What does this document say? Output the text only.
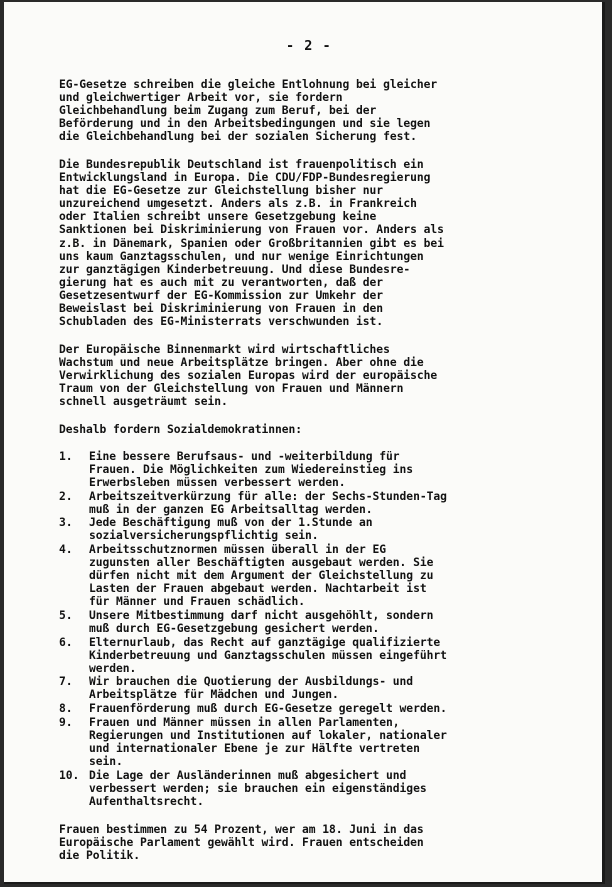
- 2 -
EG-Gesetze schreiben die gleiche Entlohnung bei gleicher
und gleichwertiger Arbeit vor, sie fordern
Gleichbehandlung beim Zugang zum Beruf, bei der
Beförderung und in den Arbeitsbedingungen und sie legen
die Gleichbehandlung bei der sozialen Sicherung fest.
Die Bundesrepublik Deutschland ist frauenpolitisch ein
Entwicklungsland in Europa. Die CDU/FDP-Bundesregierung
hat die EG-Gesetze zur Gleichstellung bisher nur
unzureichend umgesetzt. Anders als z.B. in Frankreich
oder Italien schreibt unsere Gesetzgebung keine
Sanktionen bei Diskriminierung von Frauen vor. Anders als
z.B. in Dänemark, Spanien oder Großbritannien gibt es bei
uns kaum Ganztagsschulen, und nur wenige Einrichtungen
zur ganztägigen Kinderbetreuung. Und diese Bundesre-
gierung hat es auch mit zu verantworten, daß der
Gesetzesentwurf der EG-Kommission zur Umkehr der
Beweislast bei Diskriminierung von Frauen in den
Schubladen des EG-Ministerrats verschwunden ist.
Der Europäische Binnenmarkt wird wirtschaftliches
Wachstum und neue Arbeitsplätze bringen. Aber ohne die
Verwirklichung des sozialen Europas wird der europäische
Traum von der Gleichstellung von Frauen und Männern
schnell ausgeträumt sein.
Deshalb fordern Sozialdemokratinnen:
1.	Eine bessere Berufsaus- und -weiterbildung für
Frauen. Die Möglichkeiten zum Wiedereinstieg ins
Erwerbsleben müssen verbessert werden.
2.	Arbeitszeitverkürzung für alle: der Sechs-Stunden-Tag
muß in der ganzen EG Arbeitsalltag werden.
3.	Jede Beschäftigung muß von der 1.Stunde an
sozialversicherungspflichtig sein.
4.	Arbeitsschutznormen müssen überall in der EG
zugunsten aller Beschäftigten ausgebaut werden. Sie
dürfen nicht mit dem Argument der Gleichstellung zu
Lasten der Frauen abgebaut werden. Nachtarbeit ist
für Männer und Frauen schädlich.
5.	Unsere Mitbestimmung darf nicht ausgehöhlt, sondern
muß durch EG-Gesetzgebung gesichert werden.
6.	Elternurlaub, das Recht auf ganztägige qualifizierte
Kinderbetreuung und Ganztagsschulen müssen eingeführt
werden.
7.	Wir brauchen die Quotierung der Ausbildungs- und
Arbeitsplätze für Mädchen und Jungen.
8.	Frauenförderung muß durch EG-Gesetze geregelt werden.
9.	Frauen und Männer müssen in allen Parlamenten,
Regierungen und Institutionen auf lokaler, nationaler
und internationaler Ebene je zur Hälfte vertreten
sein.
10. Die Lage der Ausländerinnen muß abgesichert und
verbessert werden; sie brauchen ein eigenständiges
Aufenthaltsrecht.
Frauen bestimmen zu 54 Prozent, wer am 18. Juni in das
Europäische Parlament gewählt wird. Frauen entscheiden
die Politik.
